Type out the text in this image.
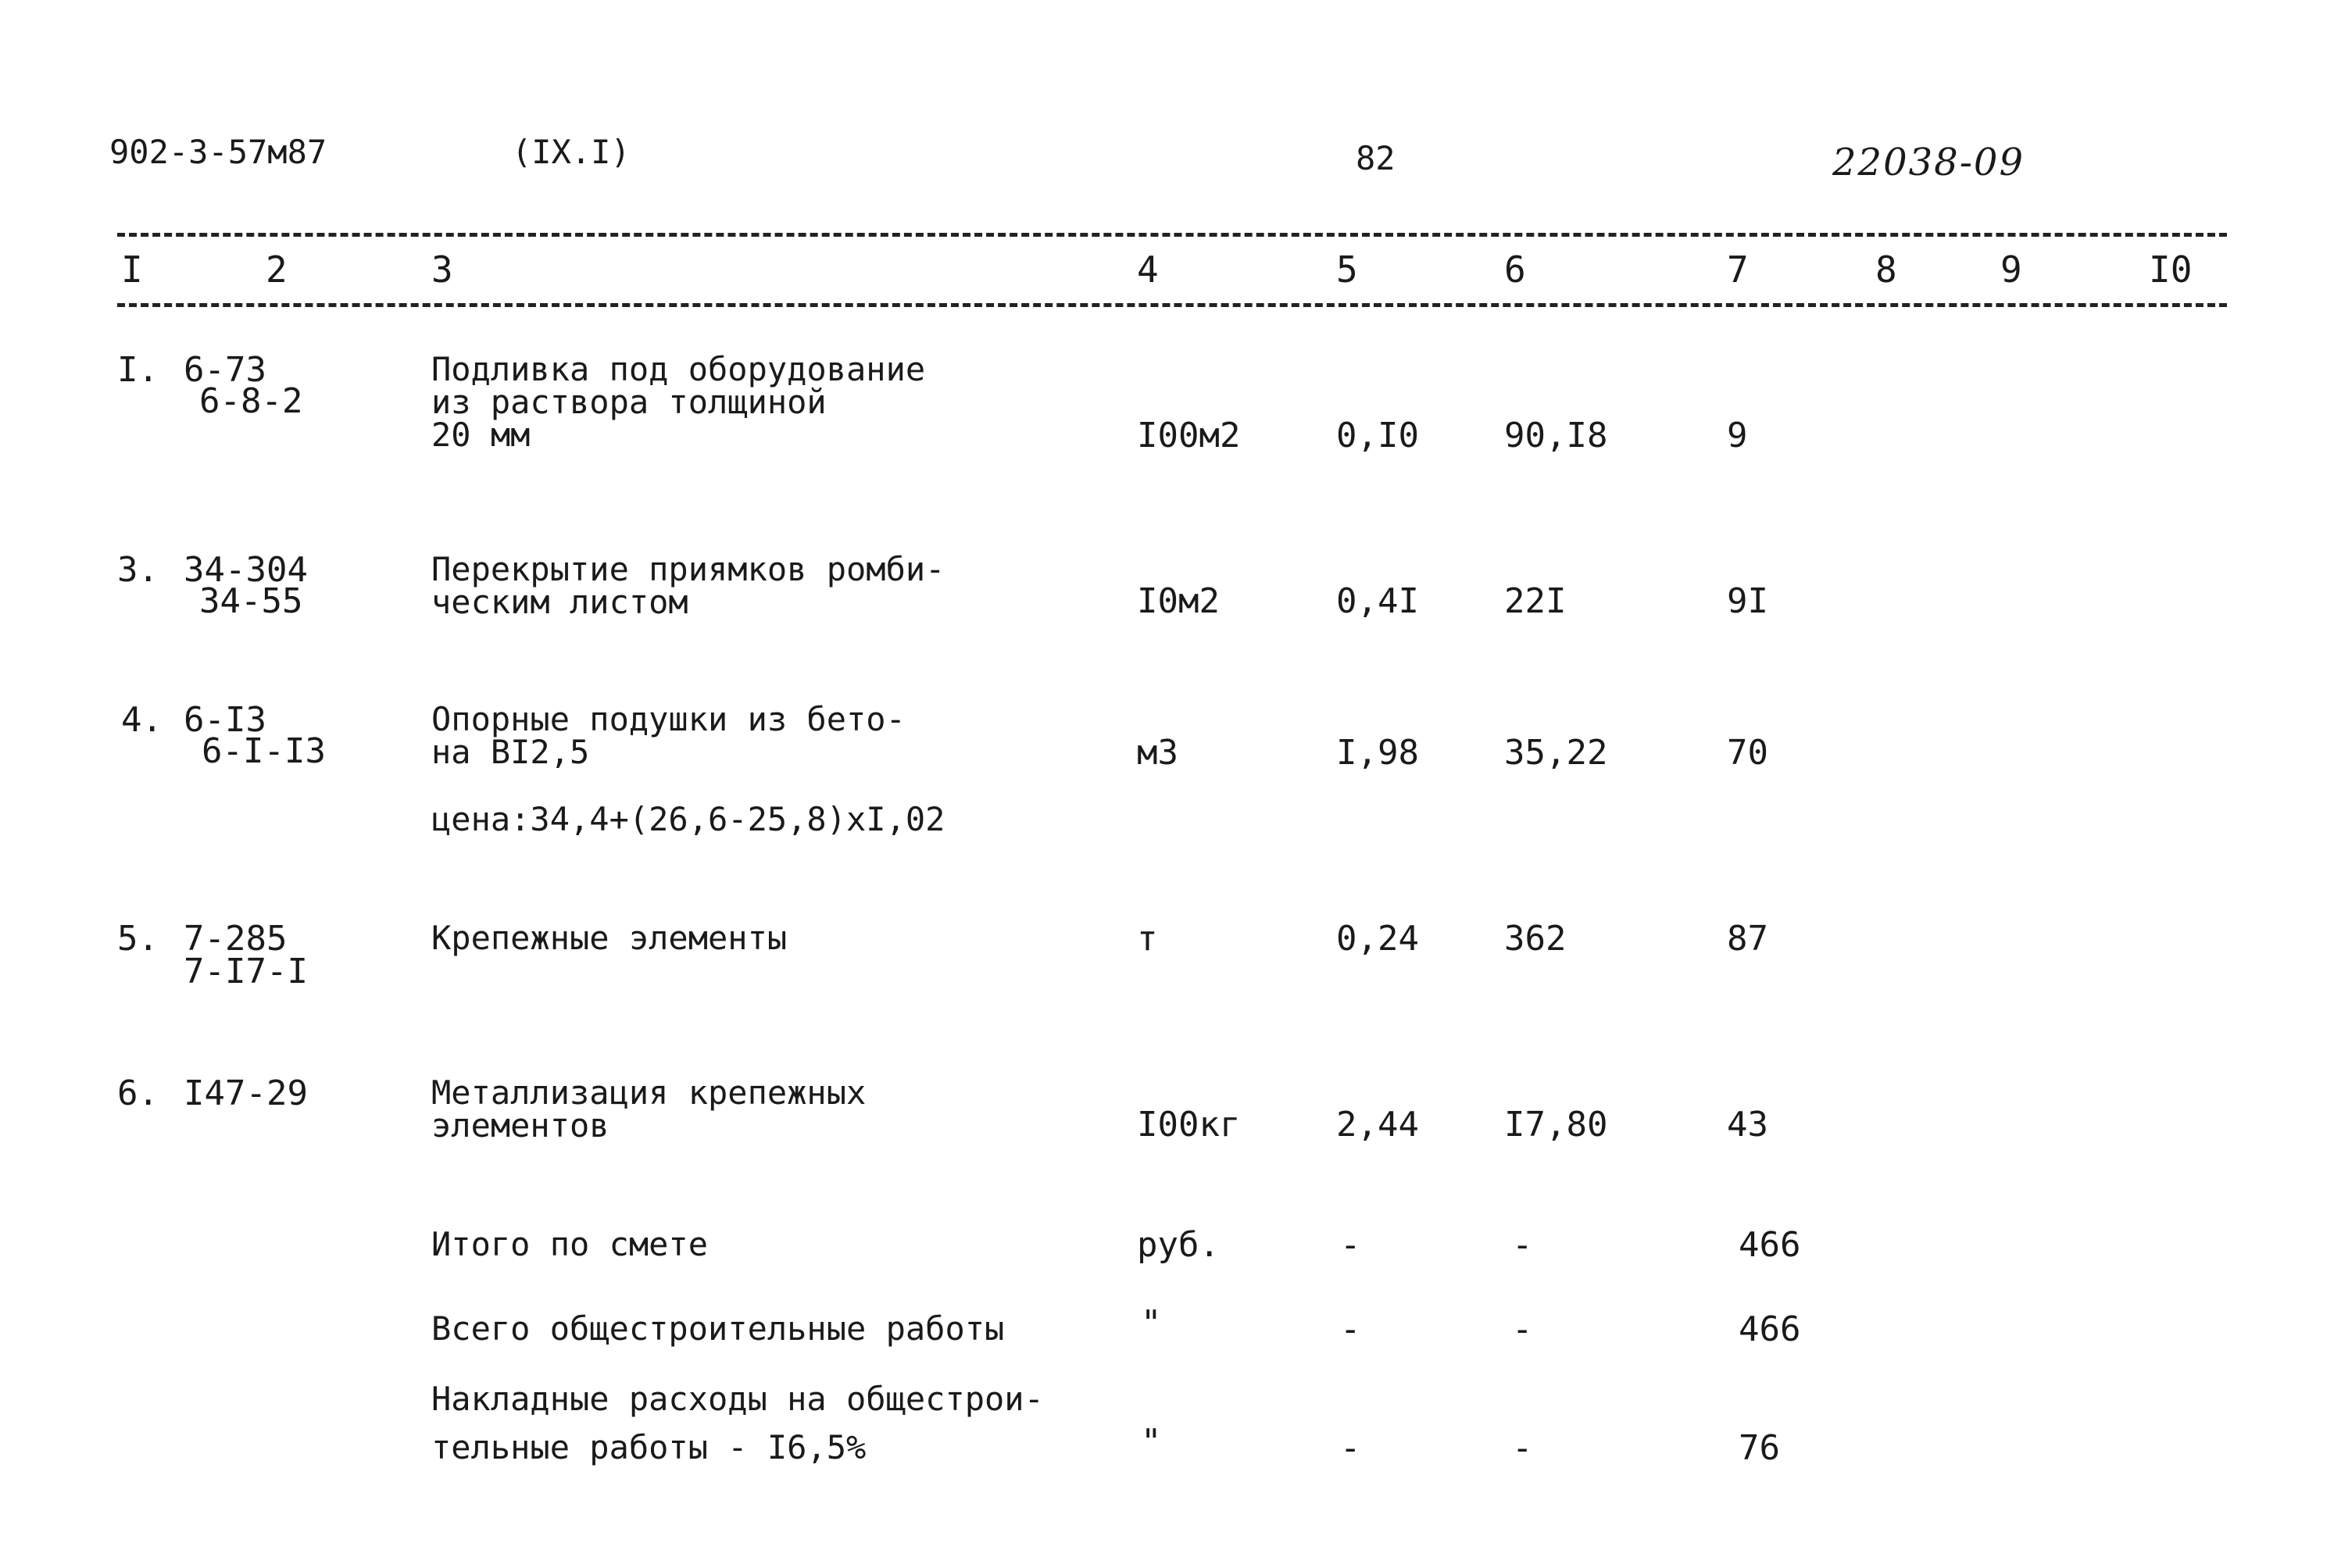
902-3-57м87	(IX.I)	82	22038-09
I	2	3	4	5	6	7	8	9	I0
I. 6-73
6-8-2
Подливка под оборудование
из раствора толщиной
20 мм	I00м2	0,I0 90,I8	9
3. 34-304
34-55
Перекрытие приямков ромби-
ческим листом	I0м2	0,4I 22I	9I
4. 6-I3
6-I-I3
Опорные подушки из бето-
на BI2,5
цена:34,4+(26,6-25,8)хI,02
м3	I,98 35,22	70
5. 7-285
7-I7-I
Крепежные элементы	т	0,24 362	87
6. I47-29	Металлизация крепежных
элементов	I00кг	2,44 I7,80	43
Итого по смете	руб.	-	-	466
Всего общестроительные работы	"	-	-	466
Накладные расходы на общестрои-
тельные работы - I6,5%	"	-	-	76
